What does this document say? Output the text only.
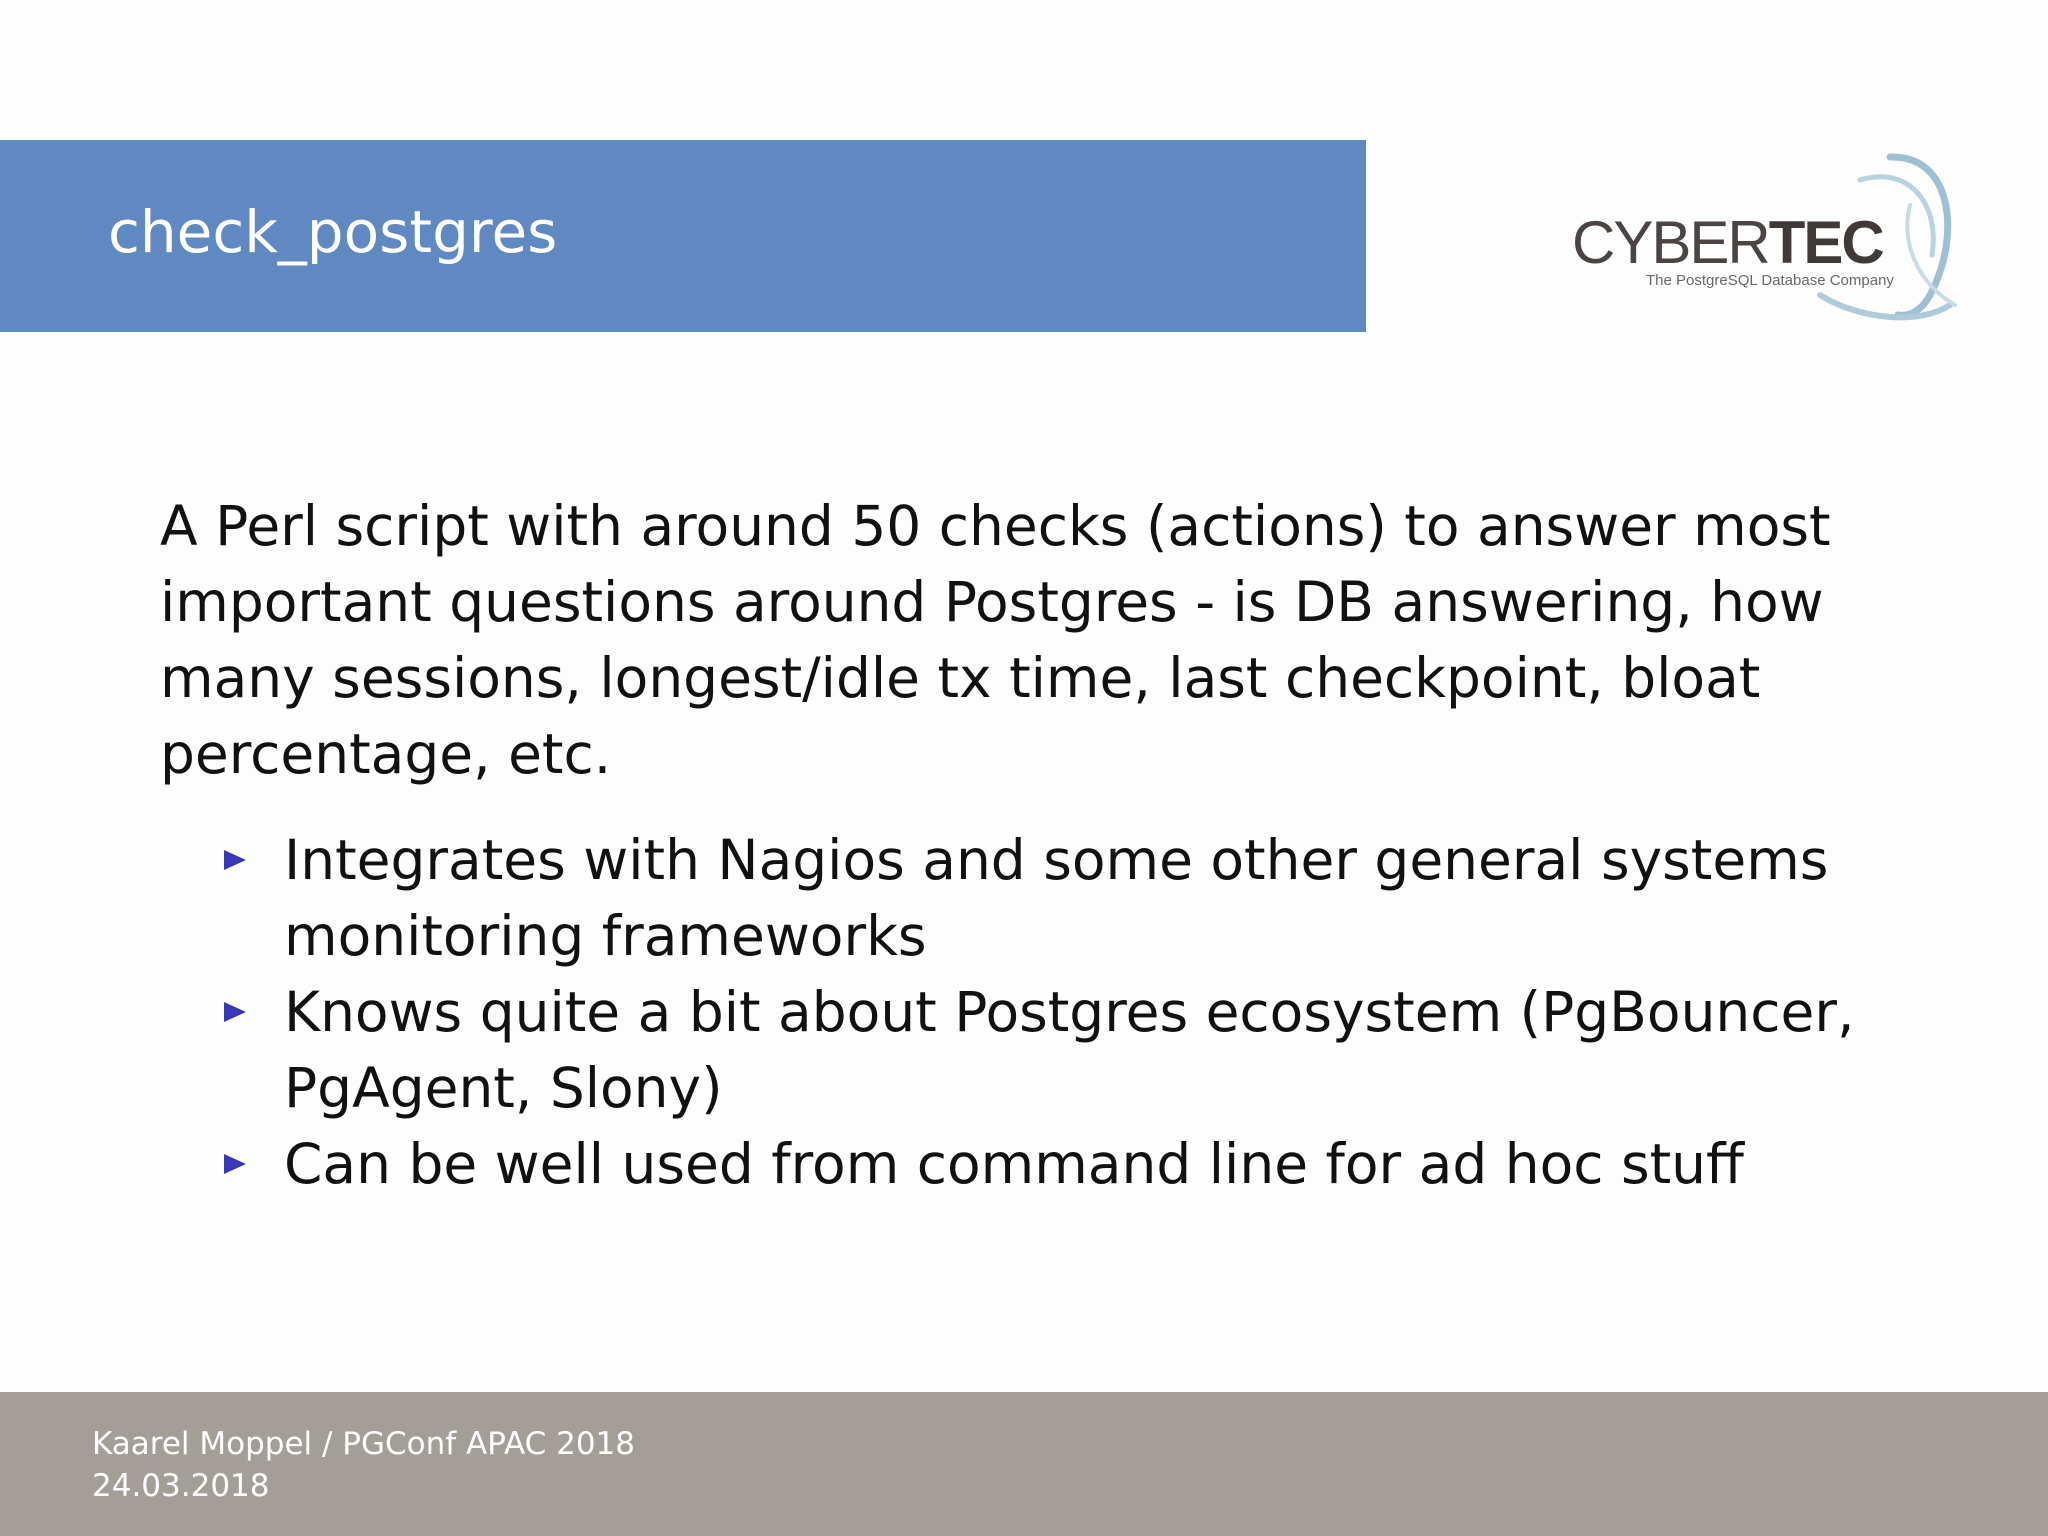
check_postgres	CYBERTEC
The PostgreSQL Database Company

A Perl script with around 50 checks (actions) to answer most important questions around Postgres - is DB answering, how many sessions, longest/idle tx time, last checkpoint, bloat percentage, etc.

Integrates with Nagios and some other general systems monitoring frameworks
Knows quite a bit about Postgres ecosystem (PgBouncer, PgAgent, Slony)
Can be well used from command line for ad hoc stuff

Kaarel Moppel / PGConf APAC 2018

24.03.2018
